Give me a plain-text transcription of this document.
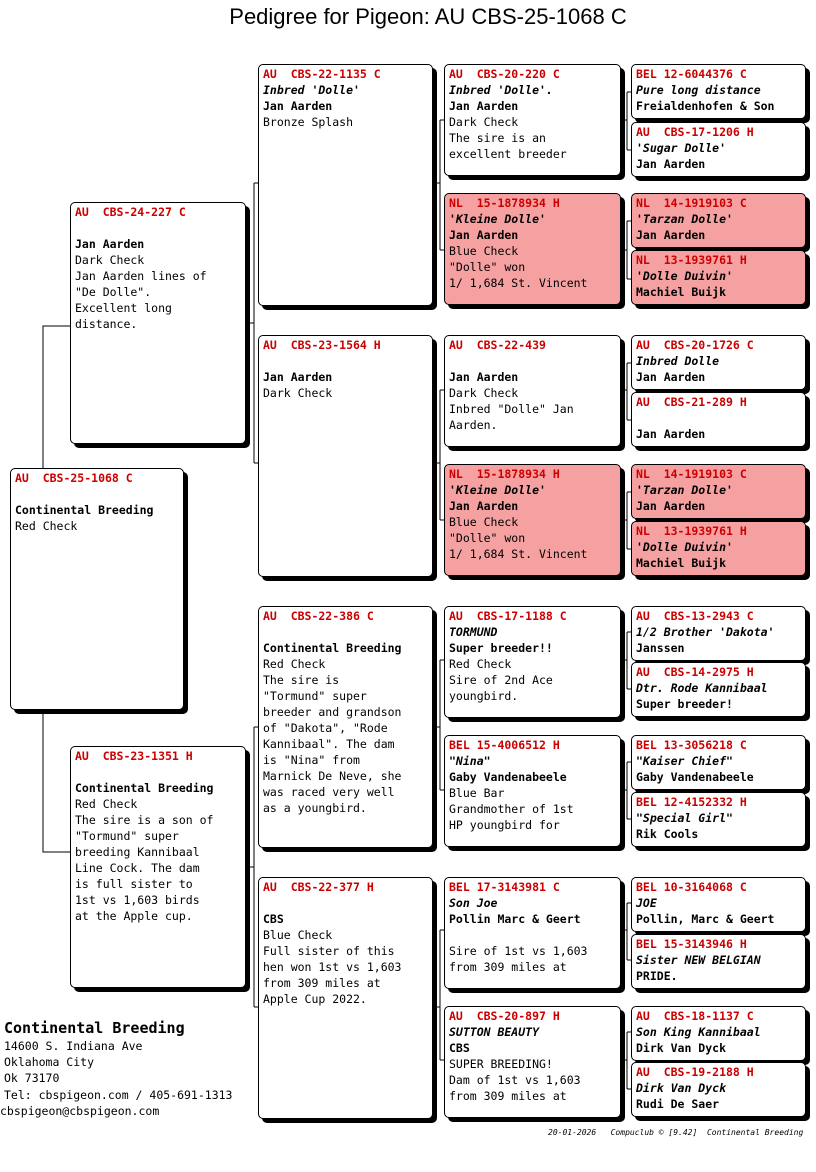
Pedigree for Pigeon: AU CBS-25-1068 C
AU  CBS-25-1068 C
Continental Breeding
Red Check
AU  CBS-24-227 C
Jan Aarden
Dark Check
Jan Aarden lines of
"De Dolle".
Excellent long
distance.
AU  CBS-23-1351 H
Continental Breeding
Red Check
The sire is a son of
"Tormund" super
breeding Kannibaal
Line Cock. The dam
is full sister to
1st vs 1,603 birds
at the Apple cup.
AU  CBS-22-1135 C
Inbred 'Dolle'
Jan Aarden
Bronze Splash
AU  CBS-23-1564 H
Jan Aarden
Dark Check
AU  CBS-22-386 C
Continental Breeding
Red Check
The sire is
"Tormund" super
breeder and grandson
of "Dakota", "Rode
Kannibaal". The dam
is "Nina" from
Marnick De Neve, she
was raced very well
as a youngbird.
AU  CBS-22-377 H
CBS
Blue Check
Full sister of this
hen won 1st vs 1,603
from 309 miles at
Apple Cup 2022.
AU  CBS-20-220 C
Inbred 'Dolle'.
Jan Aarden
Dark Check
The sire is an
excellent breeder
NL  15-1878934 H
'Kleine Dolle'
Jan Aarden
Blue Check
"Dolle" won
1/ 1,684 St. Vincent
AU  CBS-22-439
Jan Aarden
Dark Check
Inbred "Dolle" Jan
Aarden.
NL  15-1878934 H
'Kleine Dolle'
Jan Aarden
Blue Check
"Dolle" won
1/ 1,684 St. Vincent
AU  CBS-17-1188 C
TORMUND
Super breeder!!
Red Check
Sire of 2nd Ace
youngbird.
BEL 15-4006512 H
"Nina"
Gaby Vandenabeele
Blue Bar
Grandmother of 1st
HP youngbird for
BEL 17-3143981 C
Son Joe
Pollin Marc & Geert
Sire of 1st vs 1,603
from 309 miles at
AU  CBS-20-897 H
SUTTON BEAUTY
CBS
SUPER BREEDING!
Dam of 1st vs 1,603
from 309 miles at
BEL 12-6044376 C
Pure long distance
Freialdenhofen & Son
AU  CBS-17-1206 H
'Sugar Dolle'
Jan Aarden
NL  14-1919103 C
'Tarzan Dolle'
Jan Aarden
NL  13-1939761 H
'Dolle Duivin'
Machiel Buijk
AU  CBS-20-1726 C
Inbred Dolle
Jan Aarden
AU  CBS-21-289 H
Jan Aarden
NL  14-1919103 C
'Tarzan Dolle'
Jan Aarden
NL  13-1939761 H
'Dolle Duivin'
Machiel Buijk
AU  CBS-13-2943 C
1/2 Brother 'Dakota'
Janssen
AU  CBS-14-2975 H
Dtr. Rode Kannibaal
Super breeder!
BEL 13-3056218 C
"Kaiser Chief"
Gaby Vandenabeele
BEL 12-4152332 H
"Special Girl"
Rik Cools
BEL 10-3164068 C
JOE
Pollin, Marc & Geert
BEL 15-3143946 H
Sister NEW BELGIAN
PRIDE.
AU  CBS-18-1137 C
Son King Kannibaal
Dirk Van Dyck
AU  CBS-19-2188 H
Dirk Van Dyck
Rudi De Saer
Continental Breeding
14600 S. Indiana Ave
Oklahoma City
Ok 73170
Tel: cbspigeon.com / 405-691-1313
cbspigeon@cbspigeon.com
20-01-2026   Compuclub © [9.42]  Continental Breeding
